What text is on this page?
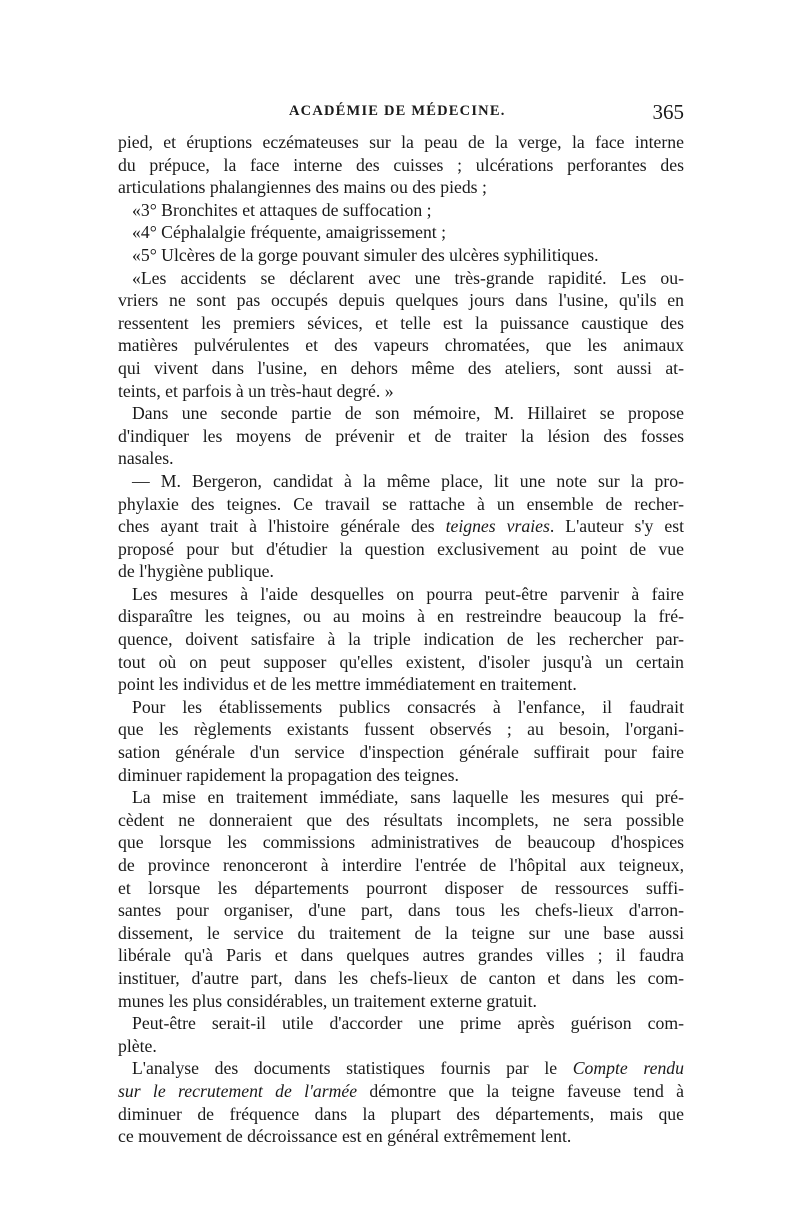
ACADÉMIE DE MÉDECINE.	365
pied, et éruptions eczémateuses sur la peau de la verge, la face interne
du prépuce, la face interne des cuisses ; ulcérations perforantes des
articulations phalangiennes des mains ou des pieds ;
«3° Bronchites et attaques de suffocation ;
«4° Céphalalgie fréquente, amaigrissement ;
«5° Ulcères de la gorge pouvant simuler des ulcères syphilitiques.
«Les accidents se déclarent avec une très-grande rapidité. Les ou-
vriers ne sont pas occupés depuis quelques jours dans l'usine, qu'ils en
ressentent les premiers sévices, et telle est la puissance caustique des
matières pulvérulentes et des vapeurs chromatées, que les animaux
qui vivent dans l'usine, en dehors même des ateliers, sont aussi at-
teints, et parfois à un très-haut degré. »
Dans une seconde partie de son mémoire, M. Hillairet se propose
d'indiquer les moyens de prévenir et de traiter la lésion des fosses
nasales.
— M. Bergeron, candidat à la même place, lit une note sur la pro-
phylaxie des teignes. Ce travail se rattache à un ensemble de recher-
ches ayant trait à l'histoire générale des teignes vraies. L'auteur s'y est
proposé pour but d'étudier la question exclusivement au point de vue
de l'hygiène publique.
Les mesures à l'aide desquelles on pourra peut-être parvenir à faire
disparaître les teignes, ou au moins à en restreindre beaucoup la fré-
quence, doivent satisfaire à la triple indication de les rechercher par-
tout où on peut supposer qu'elles existent, d'isoler jusqu'à un certain
point les individus et de les mettre immédiatement en traitement.
Pour les établissements publics consacrés à l'enfance, il faudrait
que les règlements existants fussent observés ; au besoin, l'organi-
sation générale d'un service d'inspection générale suffirait pour faire
diminuer rapidement la propagation des teignes.
La mise en traitement immédiate, sans laquelle les mesures qui pré-
cèdent ne donneraient que des résultats incomplets, ne sera possible
que lorsque les commissions administratives de beaucoup d'hospices
de province renonceront à interdire l'entrée de l'hôpital aux teigneux,
et lorsque les départements pourront disposer de ressources suffi-
santes pour organiser, d'une part, dans tous les chefs-lieux d'arron-
dissement, le service du traitement de la teigne sur une base aussi
libérale qu'à Paris et dans quelques autres grandes villes ; il faudra
instituer, d'autre part, dans les chefs-lieux de canton et dans les com-
munes les plus considérables, un traitement externe gratuit.
Peut-être serait-il utile d'accorder une prime après guérison com-
plète.
L'analyse des documents statistiques fournis par le Compte rendu
sur le recrutement de l'armée démontre que la teigne faveuse tend à
diminuer de fréquence dans la plupart des départements, mais que
ce mouvement de décroissance est en général extrêmement lent.
